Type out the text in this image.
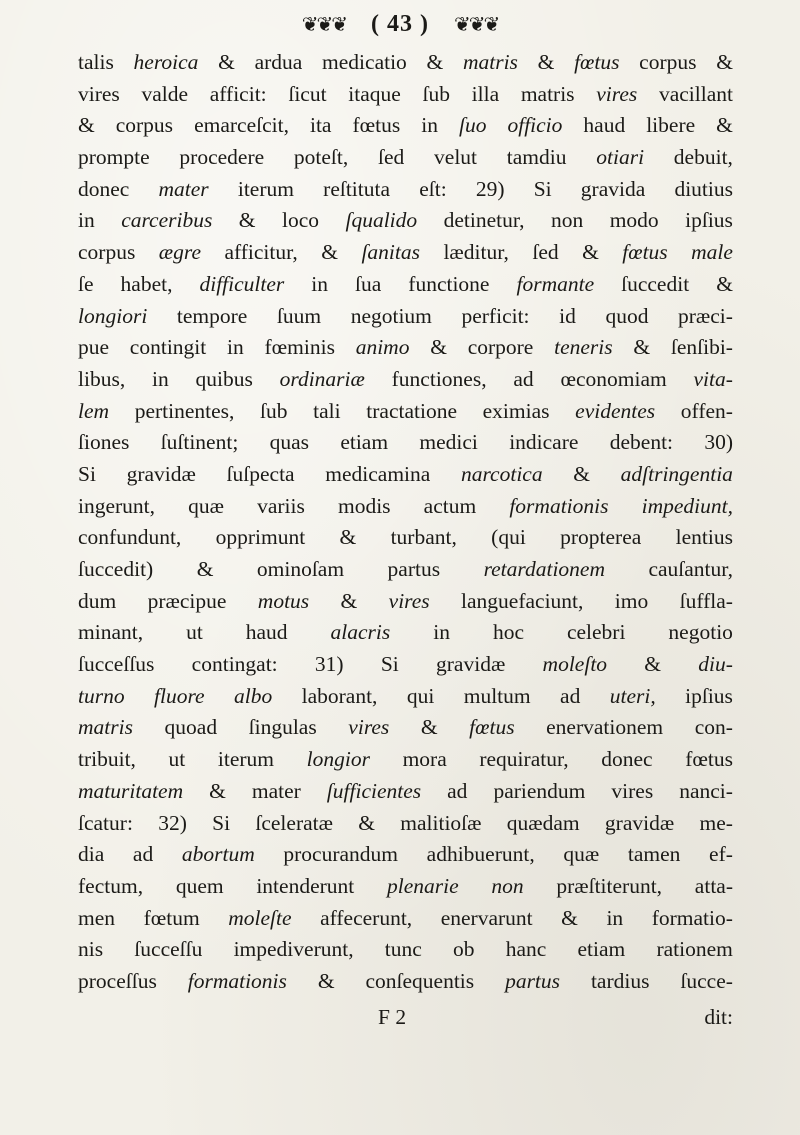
❦❦❦ ( 43 ) ❦❦❦
talis heroica & ardua medicatio & matris & fœtus corpus &
vires valde afficit: ſicut itaque ſub illa matris vires vacillant
& corpus emarceſcit, ita fœtus in ſuo officio haud libere &
prompte procedere poteſt, ſed velut tamdiu otiari debuit,
donec mater iterum reſtituta eſt: 29) Si gravida diutius
in carceribus & loco ſqualido detinetur, non modo ipſius
corpus ægre afficitur, & ſanitas læditur, ſed & fœtus male
ſe habet, difficulter in ſua functione formante ſuccedit &
longiori tempore ſuum negotium perficit: id quod præci-
pue contingit in fœminis animo & corpore teneris & ſenſibi-
libus, in quibus ordinariæ functiones, ad œconomiam vita-
lem pertinentes, ſub tali tractatione eximias evidentes offen-
ſiones ſuſtinent; quas etiam medici indicare debent: 30)
Si gravidæ ſuſpecta medicamina narcotica & adſtringentia
ingerunt, quæ variis modis actum formationis impediunt,
confundunt, opprimunt & turbant, (qui propterea lentius
ſuccedit) & ominoſam partus retardationem cauſantur,
dum præcipue motus & vires languefaciunt, imo ſuffla-
minant, ut haud alacris in hoc celebri negotio
ſucceſſus contingat: 31) Si gravidæ moleſto & diu-
turno fluore albo laborant, qui multum ad uteri, ipſius
matris quoad ſingulas vires & fœtus enervationem con-
tribuit, ut iterum longior mora requiratur, donec fœtus
maturitatem & mater ſufficientes ad pariendum vires nanci-
ſcatur: 32) Si ſceleratæ & malitioſæ quædam gravidæ me-
dia ad abortum procurandum adhibuerunt, quæ tamen ef-
fectum, quem intenderunt plenarie non præſtiterunt, atta-
men fœtum moleſte affecerunt, enervarunt & in formatio-
nis ſucceſſu impediverunt, tunc ob hanc etiam rationem
proceſſus formationis & conſequentis partus tardius ſucce-
F 2	dit:
